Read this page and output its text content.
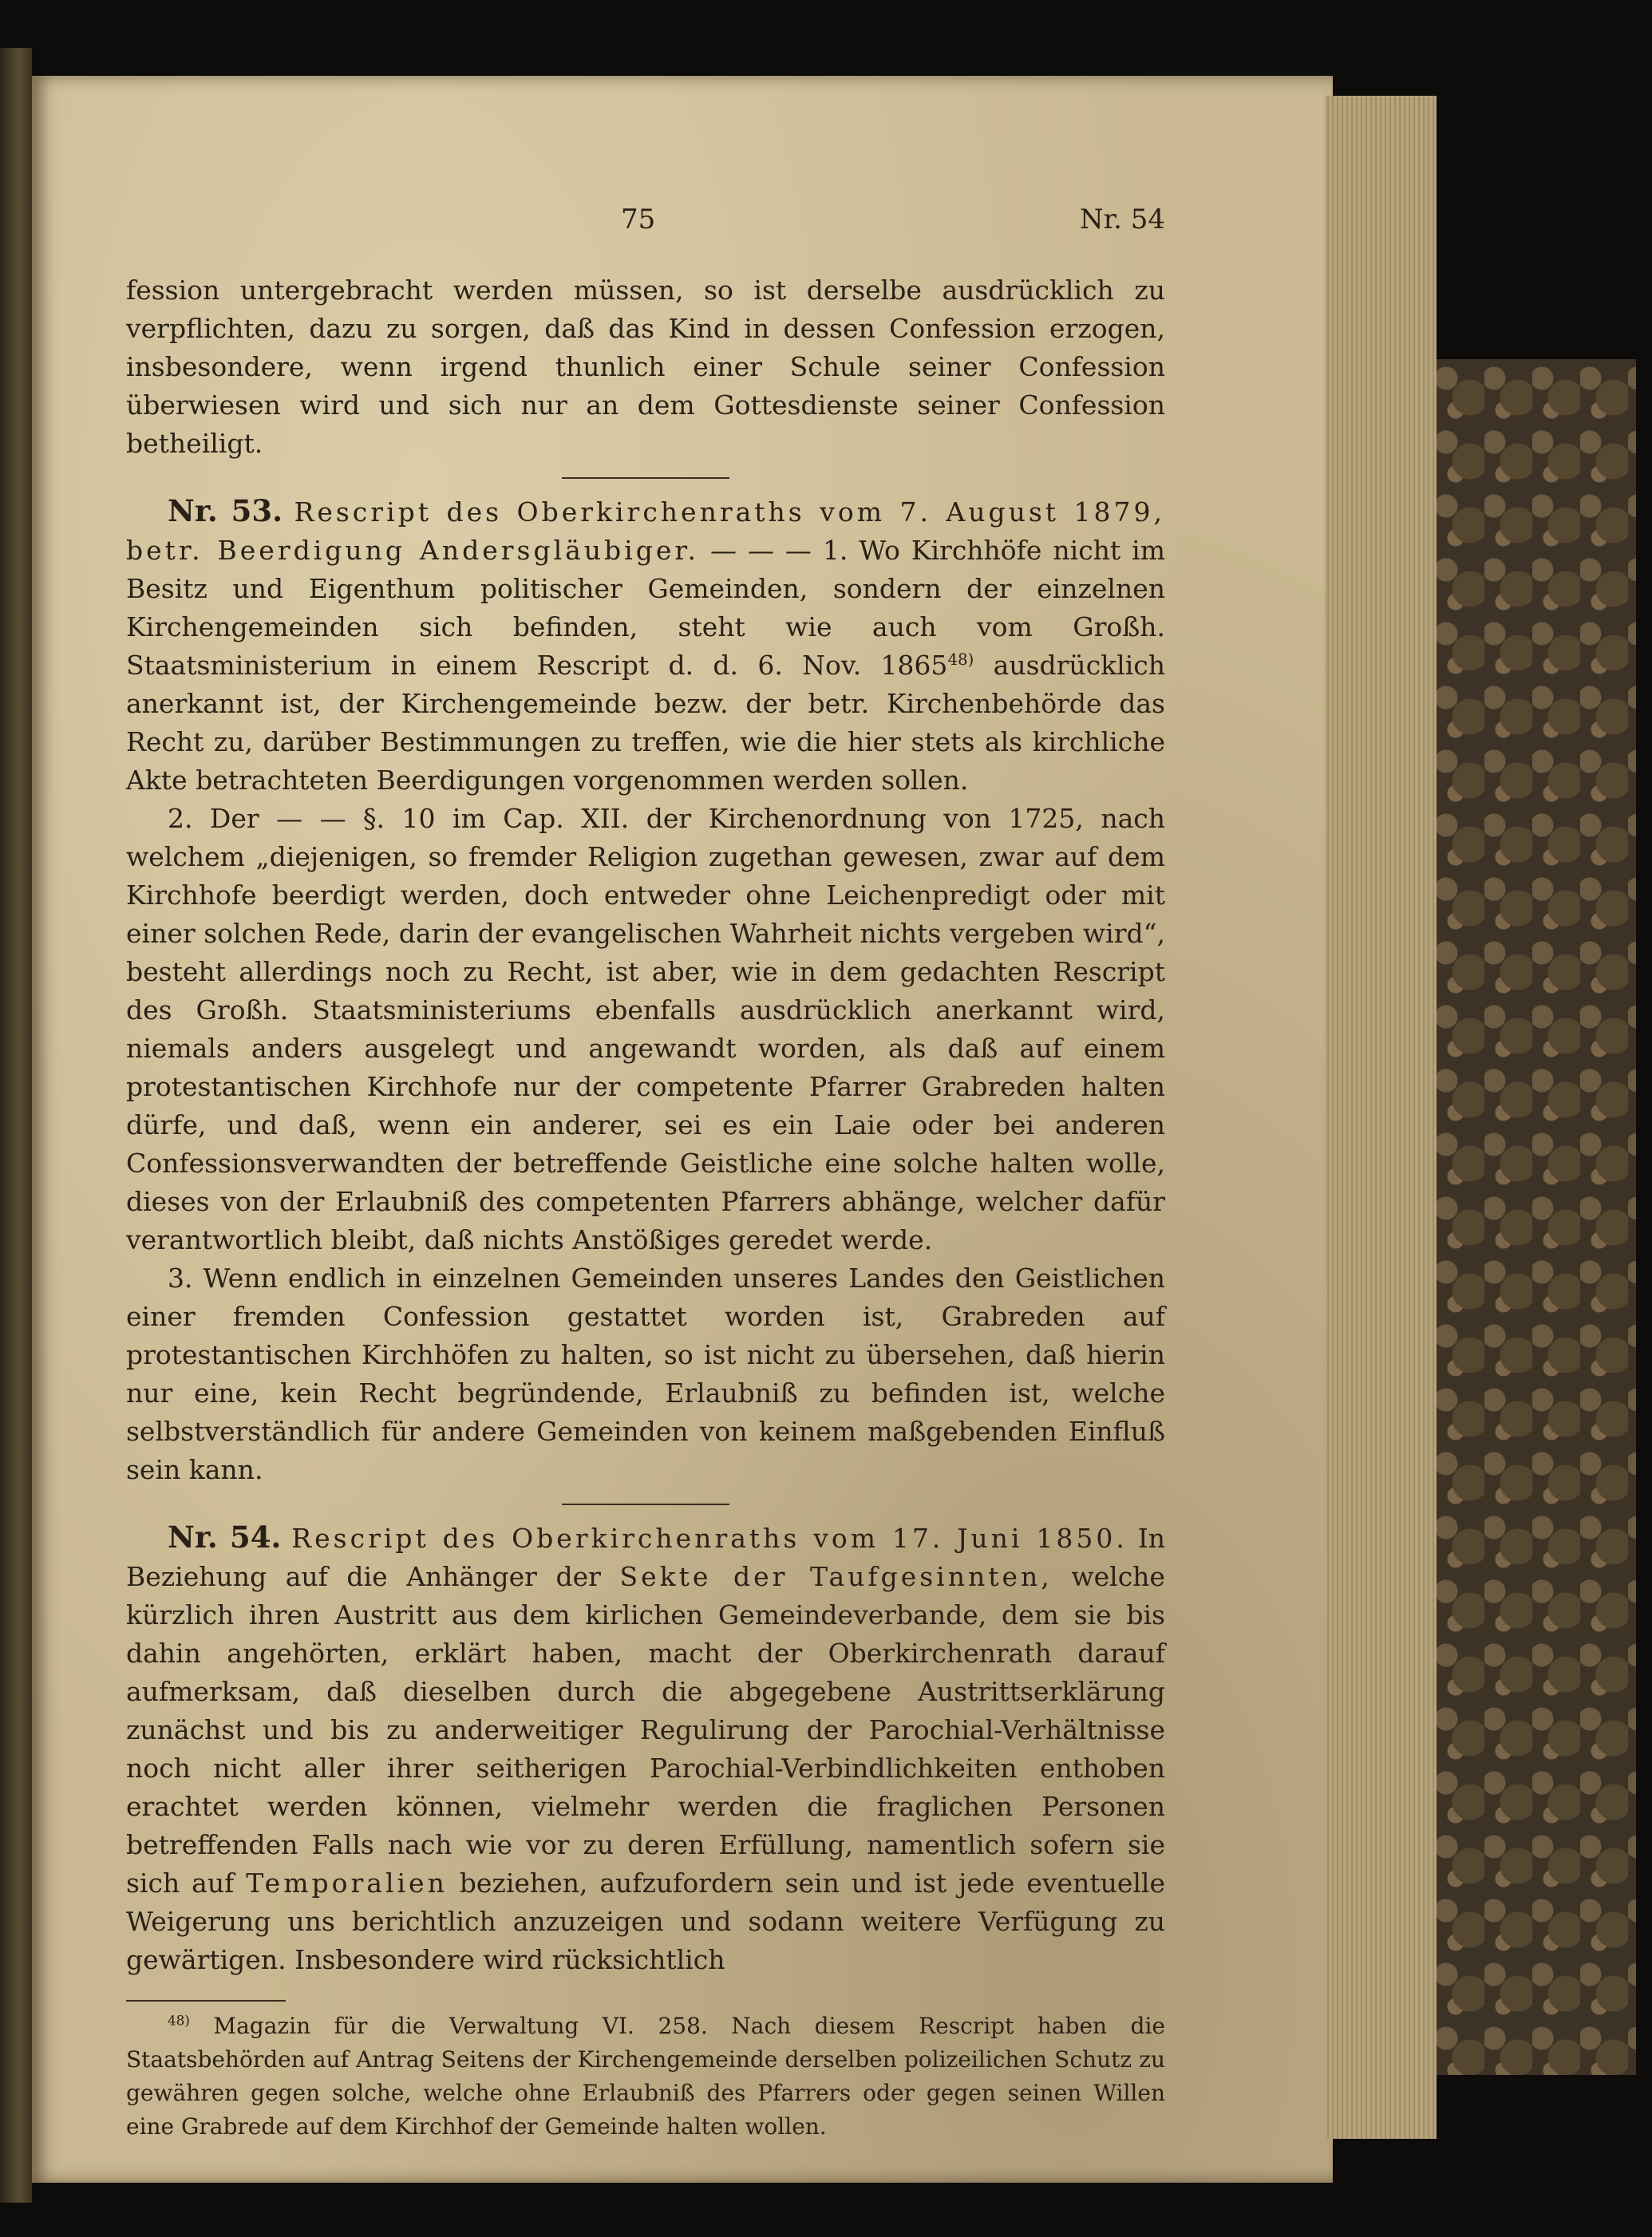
75	Nr. 54

fession untergebracht werden müssen, so ist derselbe ausdrücklich zu verpflichten, dazu zu sorgen, daß das Kind in dessen Confession erzogen, insbesondere, wenn irgend thunlich einer Schule seiner Confession überwiesen wird und sich nur an dem Gottesdienste seiner Confession betheiligt.

Nr. 53. Rescript des Oberkirchenraths vom 7. August 1879, betr. Beerdigung Andersgläubiger. — — — 1. Wo Kirchhöfe nicht im Besitz und Eigenthum politischer Gemeinden, sondern der einzelnen Kirchengemeinden sich befinden, steht wie auch vom Großh. Staatsministerium in einem Rescript d. d. 6. Nov. 1865$^{48)}$ ausdrücklich anerkannt ist, der Kirchengemeinde bezw. der betr. Kirchenbehörde das Recht zu, darüber Bestimmungen zu treffen, wie die hier stets als kirchliche Akte betrachteten Beerdigungen vorgenommen werden sollen.

2. Der — — §. 10 im Cap. XII. der Kirchenordnung von 1725, nach welchem „diejenigen, so fremder Religion zugethan gewesen, zwar auf dem Kirchhofe beerdigt werden, doch entweder ohne Leichenpredigt oder mit einer solchen Rede, darin der evangelischen Wahrheit nichts vergeben wird“, besteht allerdings noch zu Recht, ist aber, wie in dem gedachten Rescript des Großh. Staatsministeriums ebenfalls ausdrücklich anerkannt wird, niemals anders ausgelegt und angewandt worden, als daß auf einem protestantischen Kirchhofe nur der competente Pfarrer Grabreden halten dürfe, und daß, wenn ein anderer, sei es ein Laie oder bei anderen Confessionsverwandten der betreffende Geistliche eine solche halten wolle, dieses von der Erlaubniß des competenten Pfarrers abhänge, welcher dafür verantwortlich bleibt, daß nichts Anstößiges geredet werde.

3. Wenn endlich in einzelnen Gemeinden unseres Landes den Geistlichen einer fremden Confession gestattet worden ist, Grabreden auf protestantischen Kirchhöfen zu halten, so ist nicht zu übersehen, daß hierin nur eine, kein Recht begründende, Erlaubniß zu befinden ist, welche selbstverständlich für andere Gemeinden von keinem maßgebenden Einfluß sein kann.

Nr. 54. Rescript des Oberkirchenraths vom 17. Juni 1850. In Beziehung auf die Anhänger der Sekte der Taufgesinnten, welche kürzlich ihren Austritt aus dem kirlichen Gemeindeverbande, dem sie bis dahin angehörten, erklärt haben, macht der Oberkirchenrath darauf aufmerksam, daß dieselben durch die abgegebene Austrittserklärung zunächst und bis zu anderweitiger Regulirung der Parochial-Verhältnisse noch nicht aller ihrer seitherigen Parochial-Verbindlichkeiten enthoben erachtet werden können, vielmehr werden die fraglichen Personen betreffenden Falls nach wie vor zu deren Erfüllung, namentlich sofern sie sich auf Temporalien beziehen, aufzufordern sein und ist jede eventuelle Weigerung uns berichtlich anzuzeigen und sodann weitere Verfügung zu gewärtigen. Insbesondere wird rücksichtlich

$^{48)}$ Magazin für die Verwaltung VI. 258. Nach diesem Rescript haben die Staatsbehörden auf Antrag Seitens der Kirchengemeinde derselben polizeilichen Schutz zu gewähren gegen solche, welche ohne Erlaubniß des Pfarrers oder gegen seinen Willen eine Grabrede auf dem Kirchhof der Gemeinde halten wollen.
